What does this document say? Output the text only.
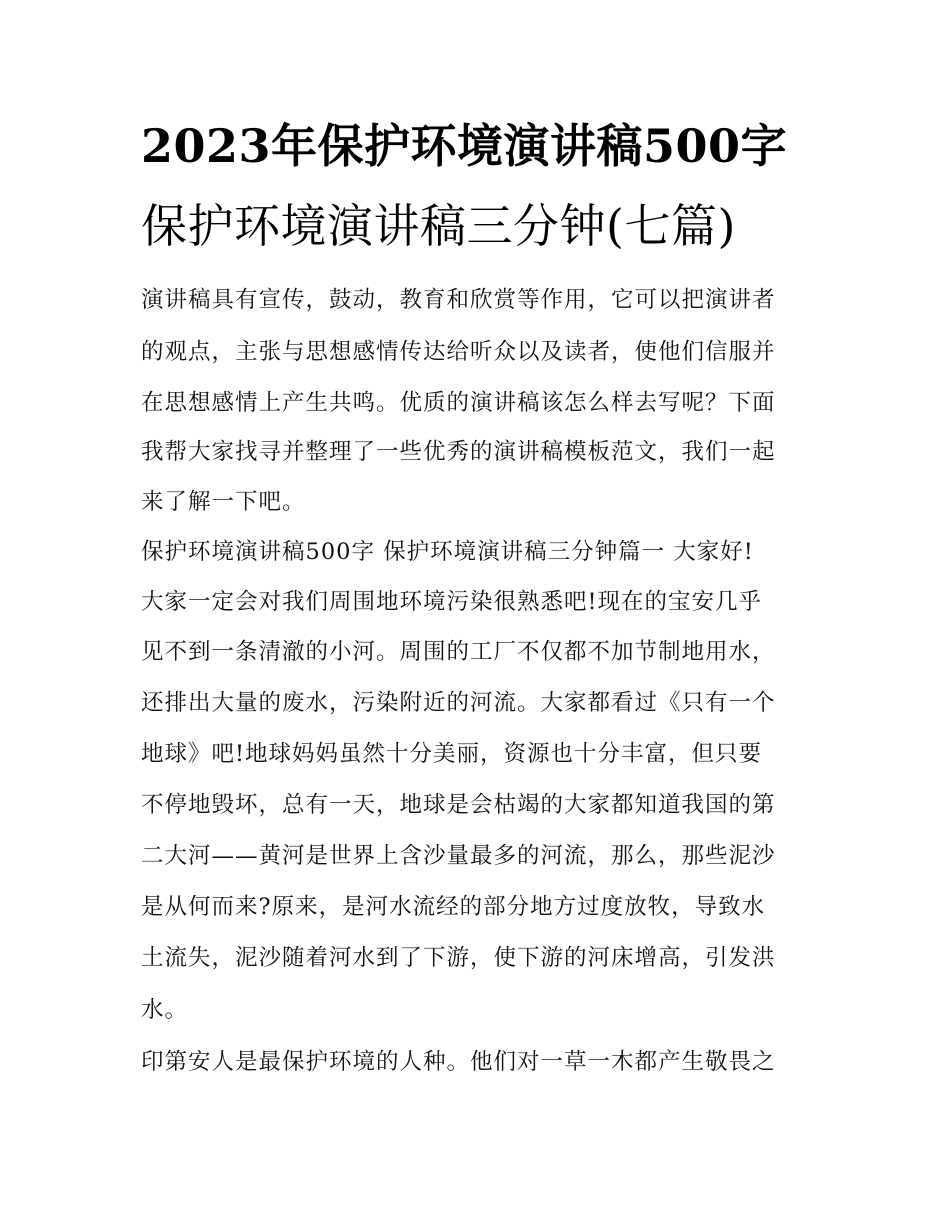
2023年保护环境演讲稿500字
保护环境演讲稿三分钟(七篇)

演讲稿具有宣传，鼓动，教育和欣赏等作用，它可以把演讲者

的观点，主张与思想感情传达给听众以及读者，使他们信服并

在思想感情上产生共鸣。优质的演讲稿该怎么样去写呢？下面

我帮大家找寻并整理了一些优秀的演讲稿模板范文，我们一起

来了解一下吧。

保护环境演讲稿500字 保护环境演讲稿三分钟篇一 大家好!

大家一定会对我们周围地环境污染很熟悉吧!现在的宝安几乎

见不到一条清澈的小河。周围的工厂不仅都不加节制地用水，

还排出大量的废水，污染附近的河流。大家都看过《只有一个

地球》吧!地球妈妈虽然十分美丽，资源也十分丰富，但只要

不停地毁坏，总有一天，地球是会枯竭的大家都知道我国的第

二大河——黄河是世界上含沙量最多的河流，那么，那些泥沙

是从何而来?原来，是河水流经的部分地方过度放牧，导致水

土流失，泥沙随着河水到了下游，使下游的河床增高，引发洪

水。

印第安人是最保护环境的人种。他们对一草一木都产生敬畏之
